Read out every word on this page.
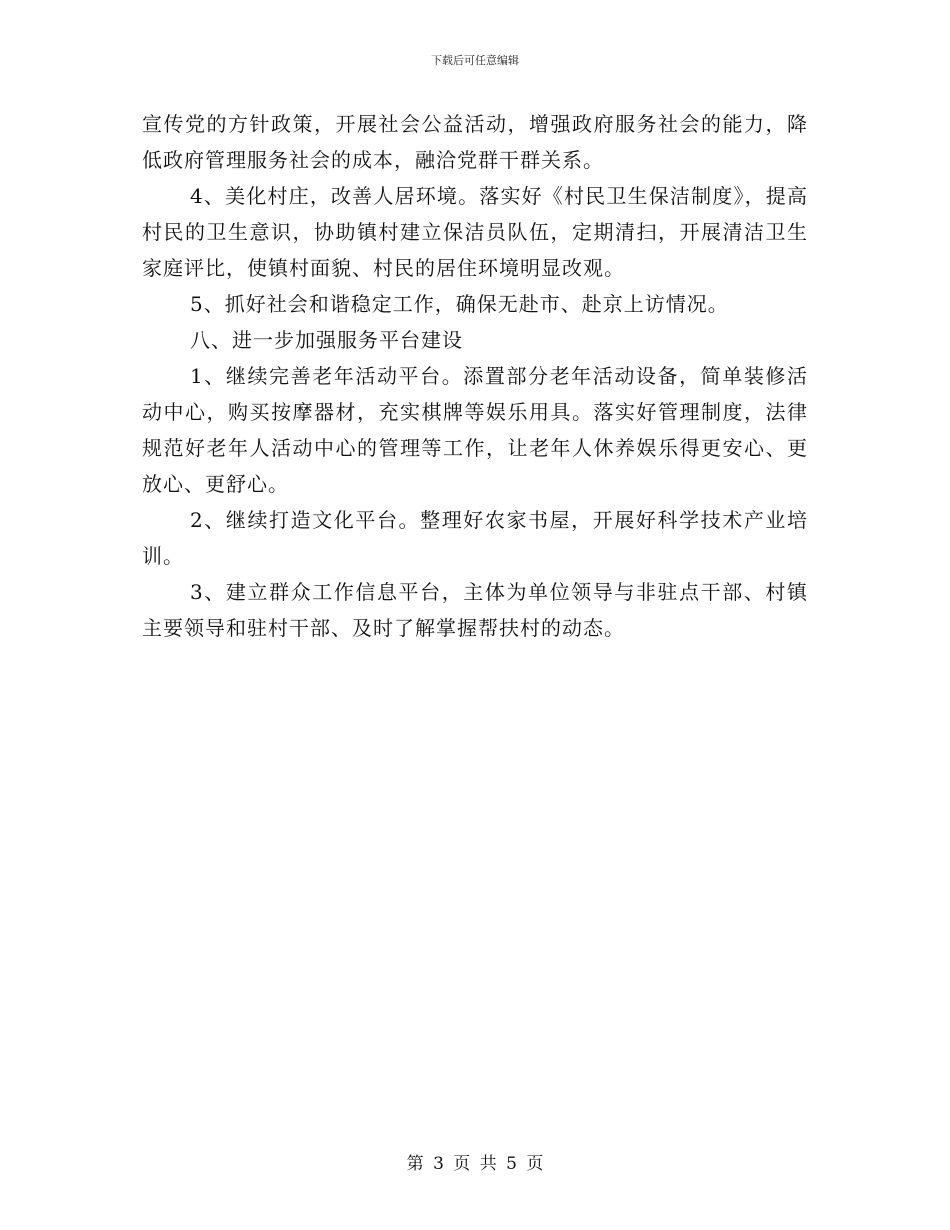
下载后可任意编辑

宣传党的方针政策，开展社会公益活动，增强政府服务社会的能力，降低政府管理服务社会的成本，融洽党群干群关系。

4、美化村庄，改善人居环境。落实好《村民卫生保洁制度》，提高村民的卫生意识，协助镇村建立保洁员队伍，定期清扫，开展清洁卫生家庭评比，使镇村面貌、村民的居住环境明显改观。

5、抓好社会和谐稳定工作，确保无赴市、赴京上访情况。

八、进一步加强服务平台建设

1、继续完善老年活动平台。添置部分老年活动设备，简单装修活动中心，购买按摩器材，充实棋牌等娱乐用具。落实好管理制度，法律规范好老年人活动中心的管理等工作，让老年人休养娱乐得更安心、更放心、更舒心。

2、继续打造文化平台。整理好农家书屋，开展好科学技术产业培训。

3、建立群众工作信息平台，主体为单位领导与非驻点干部、村镇主要领导和驻村干部、及时了解掌握帮扶村的动态。

第 3 页 共 5 页
